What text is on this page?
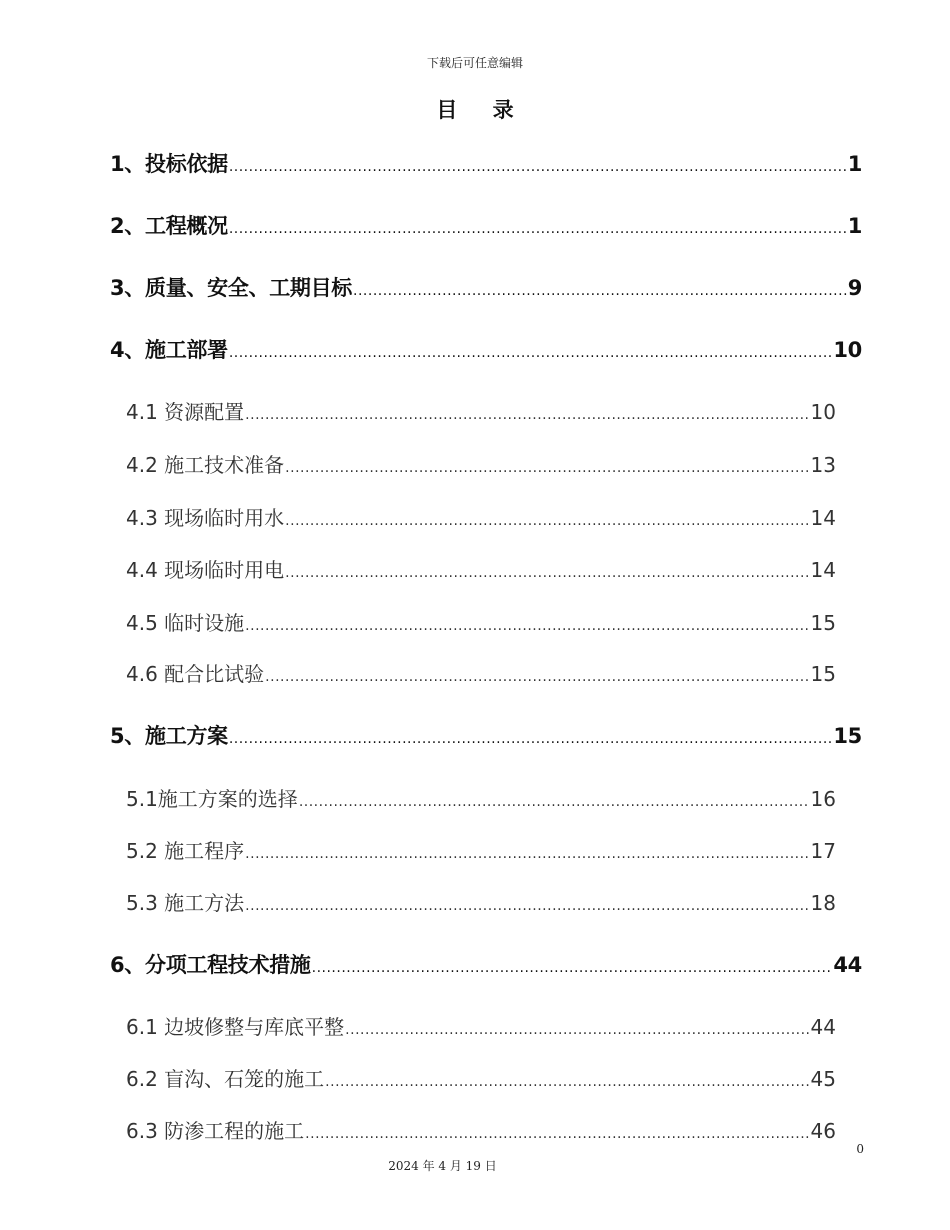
下载后可任意编辑
目 录
1、投标依据 .....	1
2、工程概况 .....	1
3、质量、安全、工期目标 .....	9
4、施工部署 .....	10
4.1 资源配置 .....	10
4.2 施工技术准备 .....	13
4.3 现场临时用水 .....	14
4.4 现场临时用电 .....	14
4.5 临时设施 .....	15
4.6 配合比试验 .....	15
5、施工方案 .....	15
5.1施工方案的选择 .....	16
5.2 施工程序 .....	17
5.3 施工方法 .....	18
6、分项工程技术措施 .....	44
6.1 边坡修整与库底平整 .....	44
6.2 盲沟、石笼的施工 .....	45
6.3 防渗工程的施工 .....	46
0
2024 年 4 月 19 日
